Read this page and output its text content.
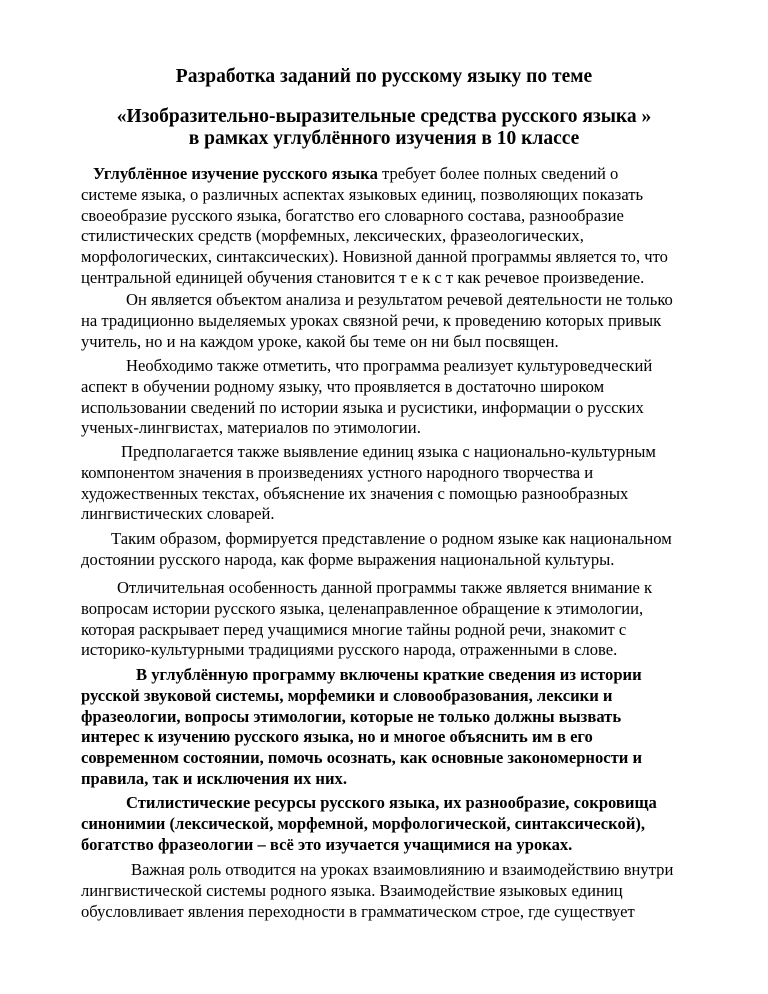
Разработка заданий по русскому языку по теме
«Изобразительно-выразительные средства русского языка »
в рамках углублённого изучения в 10 классе
Углублённое изучение русского языка требует более полных сведений о
системе языка, о различных аспектах языковых единиц, позволяющих показать
своеобразие русского языка, богатство его словарного состава, разнообразие
стилистических средств (морфемных, лексических, фразеологических,
морфологических, синтаксических). Новизной данной программы является то, что
центральной единицей обучения становится т е к с т как речевое произведение.
Он является объектом анализа и результатом речевой деятельности не только
на традиционно выделяемых уроках связной речи, к проведению которых привык
учитель, но и на каждом уроке, какой бы теме он ни был посвящен.
Необходимо также отметить, что программа реализует культуроведческий
аспект в обучении родному языку, что проявляется в достаточно широком
использовании сведений по истории языка и русистики, информации о русских
ученых-лингвистах, материалов по этимологии.
Предполагается также выявление единиц языка с национально-культурным
компонентом значения в произведениях устного народного творчества и
художественных текстах, объяснение их значения с помощью разнообразных
лингвистических словарей.
Таким образом, формируется представление о родном языке как национальном
достоянии русского народа, как форме выражения национальной культуры.
Отличительная особенность данной программы также является внимание к
вопросам истории русского языка, целенаправленное обращение к этимологии,
которая раскрывает перед учащимися многие тайны родной речи, знакомит с
историко-культурными традициями русского народа, отраженными в слове.
В углублённую программу включены краткие сведения из истории
русской звуковой системы, морфемики и словообразования, лексики и
фразеологии, вопросы этимологии, которые не только должны вызвать
интерес к изучению русского языка, но и многое объяснить им в его
современном состоянии, помочь осознать, как основные закономерности и
правила, так и исключения их них.
Стилистические ресурсы русского языка, их разнообразие, сокровища
синонимии (лексической, морфемной, морфологической, синтаксической),
богатство фразеологии – всё это изучается учащимися на уроках.
Важная роль отводится на уроках взаимовлиянию и взаимодействию внутри
лингвистической системы родного языка. Взаимодействие языковых единиц
обусловливает явления переходности в грамматическом строе, где существует
